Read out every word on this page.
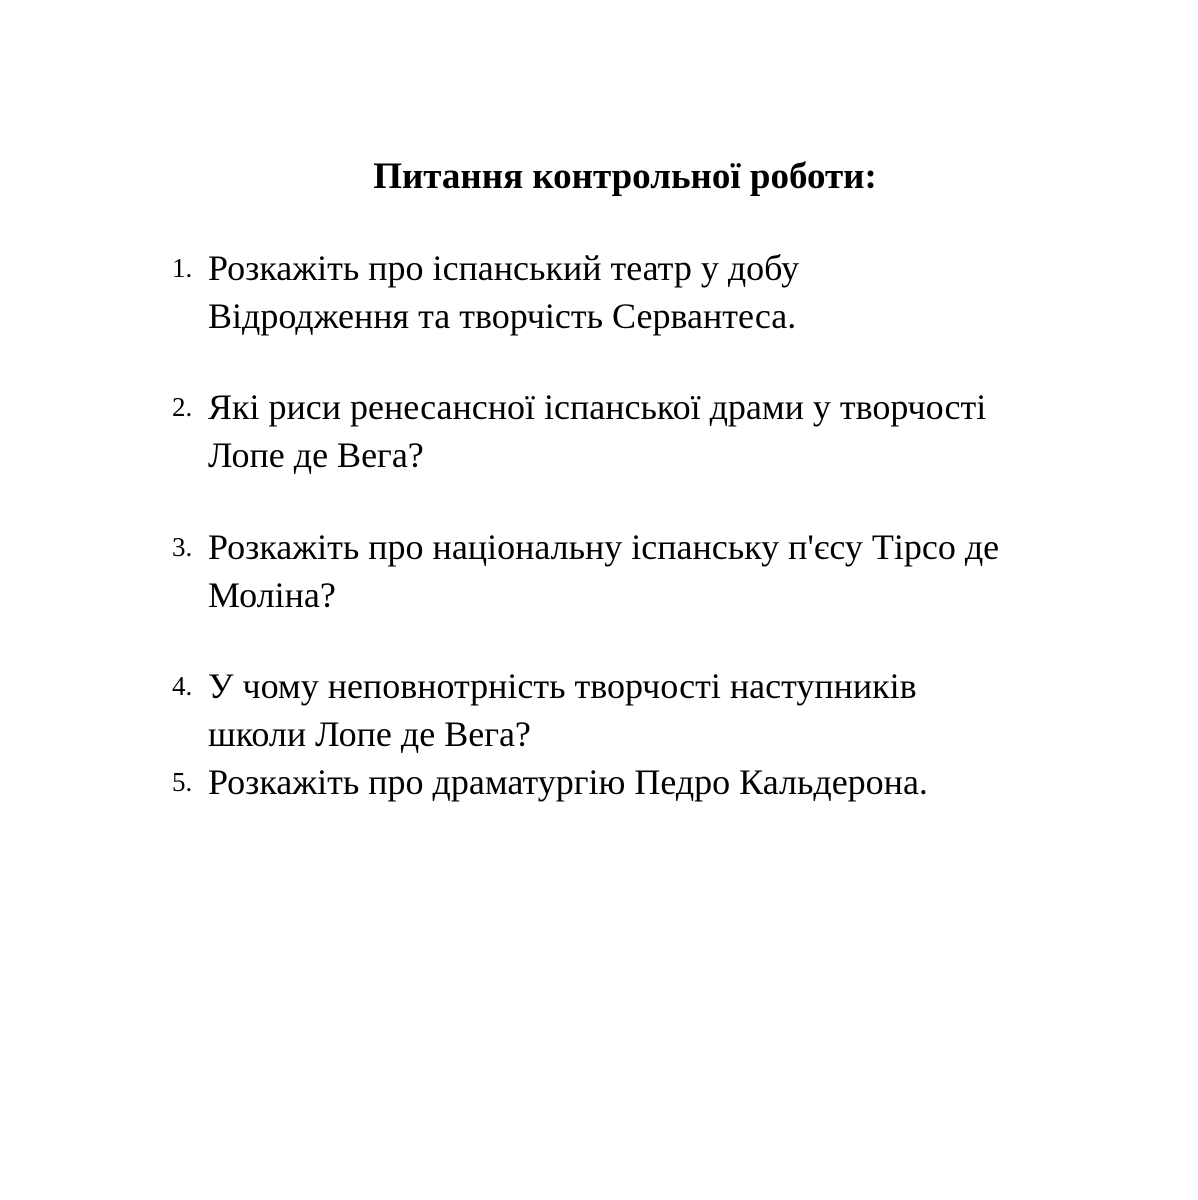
Питання контрольної роботи:
1. Розкажіть про іспанський театр у добу
Відродження та творчість Сервантеса.
2. Які риси ренесансної іспанської драми у творчості
Лопе де Вега?
3. Розкажіть про національну іспанську п'єсу Тірсо де
Моліна?
4. У чому неповнотрність творчості наступників
школи Лопе де Вега?
5. Розкажіть про драматургію Педро Кальдерона.
